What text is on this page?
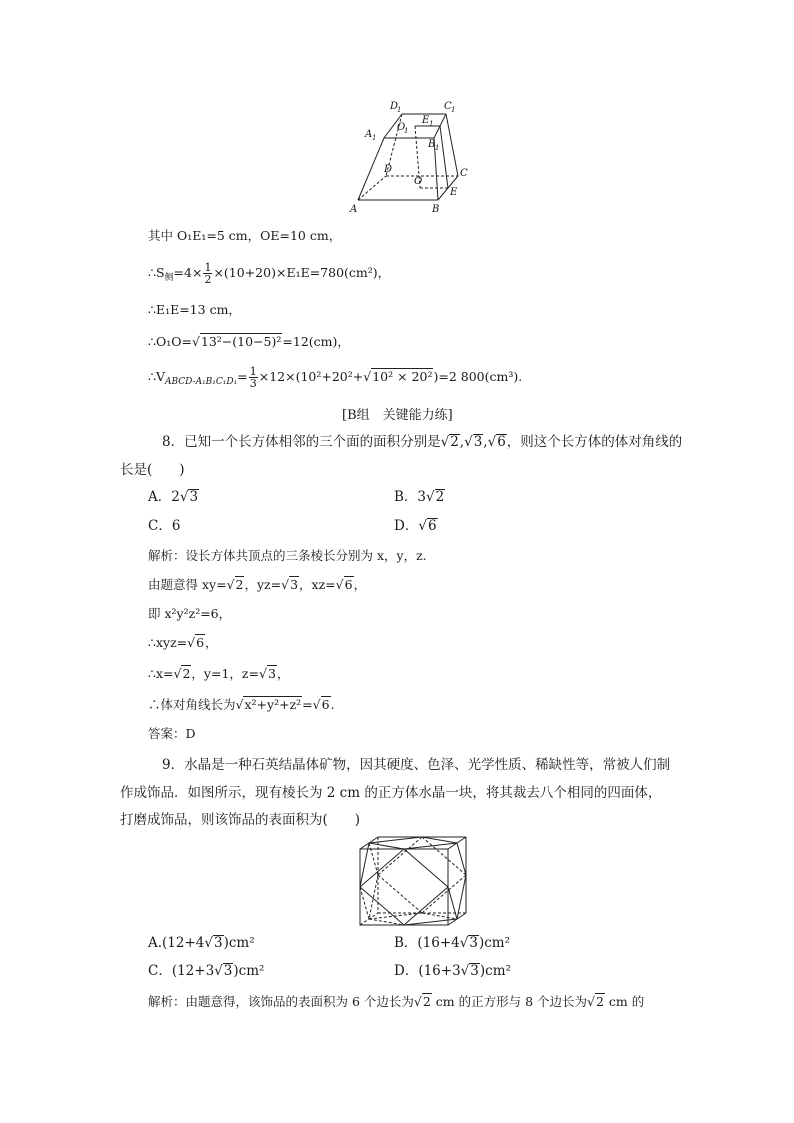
D
1	C 1
A 1
O
1
E 1
B 1
D
O
C
E
A	B
其中 O₁E₁=5 cm，OE=10 cm，
$\therefore S_侧=4\times \frac{1}{2} \times(10+20)\times E_1E=780(cm^2)$，
∴E₁E=13 cm，
∴O₁O=√13²−(10−5)²=12(cm)，
$\therefore V_{ABCD-A_1B_1C_1D_1}= \frac{1}{3} \times 12\times(10^2+20^2+√10^2 \times 20^2)=2$ 800(cm³).
[B组　关键能力练]
8．已知一个长方体相邻的三个面的面积分别是√2,√3,√6，则这个长方体的体对角线的
长是(　　)
A．2√3	B．3√2
C．6	D．√6
解析：设长方体共顶点的三条棱长分别为 x，y，z.
由题意得 xy=√2，yz=√3，xz=√6，
即 x²y²z²=6，
∴xyz=√6，
∴x=√2，y=1，z=√3，
∴体对角线长为√x²+y²+z²=√6.
答案：D
9．水晶是一种石英结晶体矿物，因其硬度、色泽、光学性质、稀缺性等，常被人们制
作成饰品．如图所示，现有棱长为 2 cm 的正方体水晶一块，将其裁去八个相同的四面体，
打磨成饰品，则该饰品的表面积为(　　)
A.(12+4√3)cm²	B．(16+4√3)cm²
C．(12+3√3)cm²	D．(16+3√3)cm²
解析：由题意得，该饰品的表面积为 6 个边长为√2 cm 的正方形与 8 个边长为√2 cm 的
